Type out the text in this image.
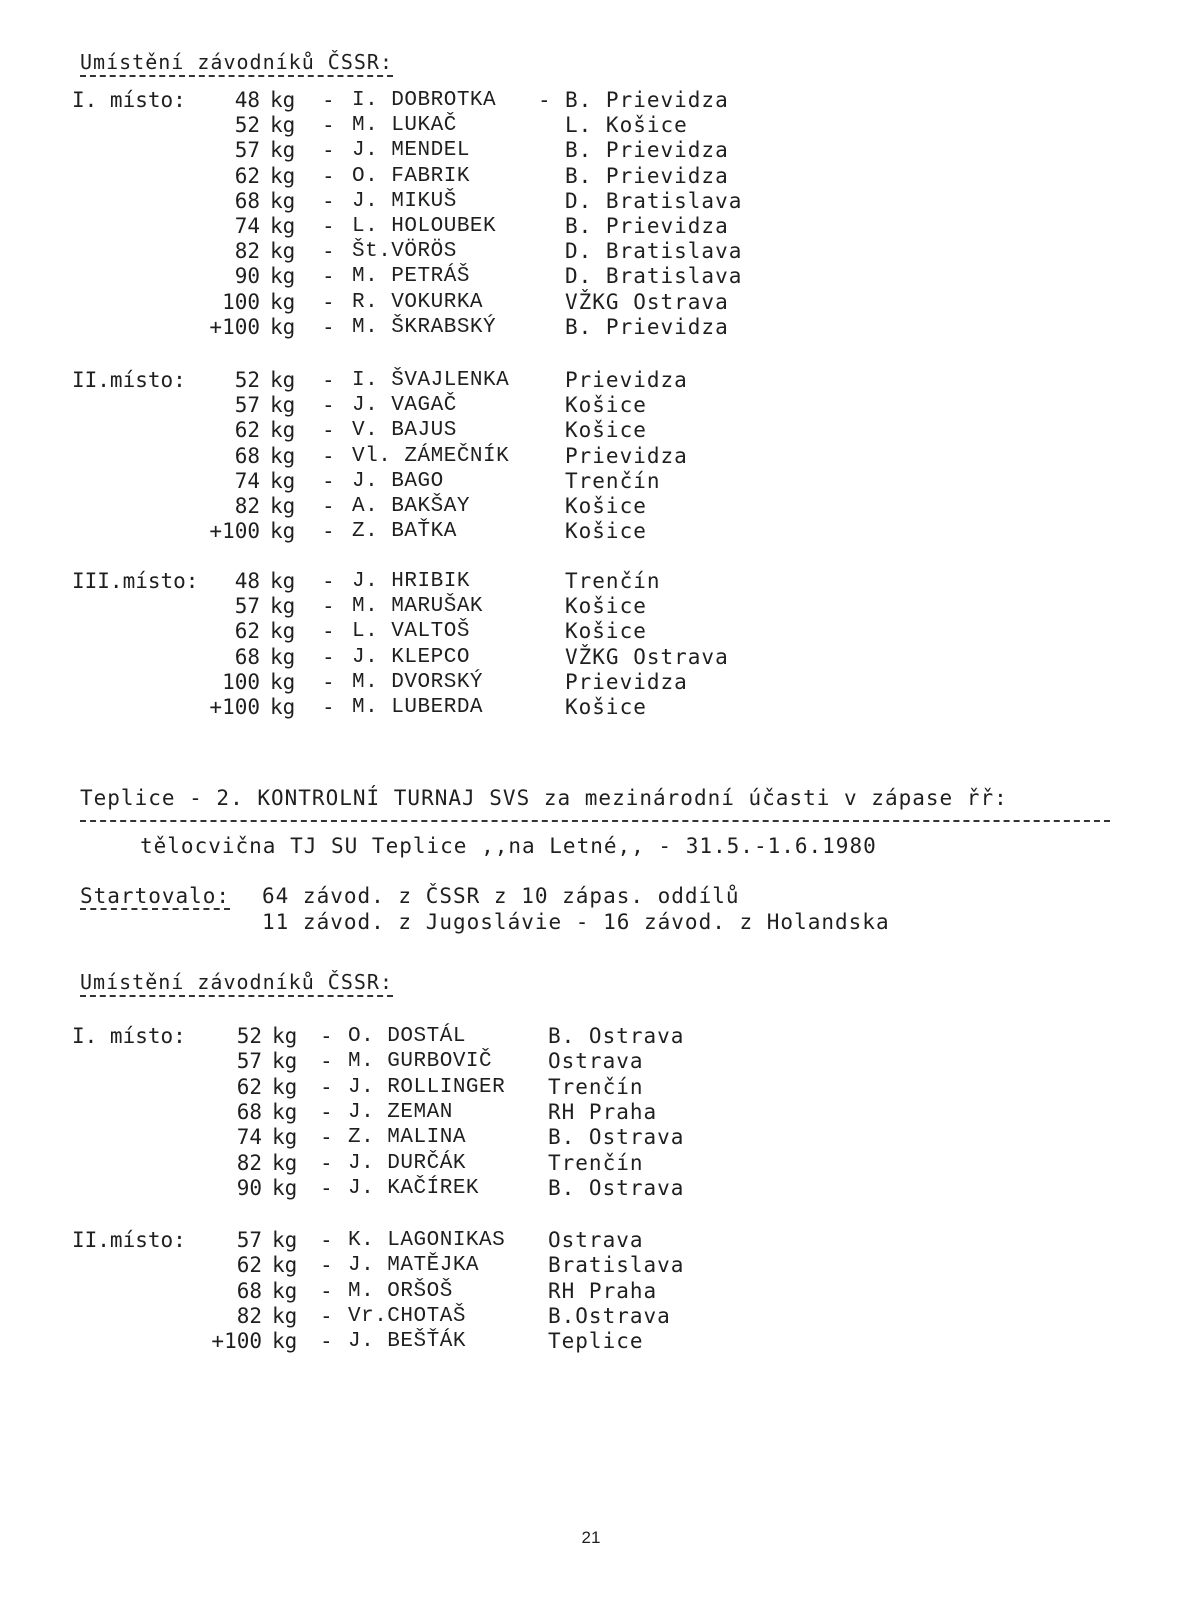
Umístění závodníků ČSSR:
I. místo: 48 kg - I. DOBROTKA - B. Prievidza
52 kg - M. LUKAČ	L. Košice
57 kg - J. MENDEL	B. Prievidza
62 kg - O. FABRIK	B. Prievidza
68 kg - J. MIKUŠ	D. Bratislava
74 kg - L. HOLOUBEK	B. Prievidza
82 kg - Št.VÖRÖS	D. Bratislava
90 kg - M. PETRÁŠ	D. Bratislava
100 kg - R. VOKURKA	VŽKG Ostrava
+100 kg - M. ŠKRABSKÝ	B. Prievidza
II.místo: 52 kg - I. ŠVAJLENKA	Prievidza
57 kg - J. VAGAČ	Košice
62 kg - V. BAJUS	Košice
68 kg - Vl. ZÁMEČNÍK	Prievidza
74 kg - J. BAGO	Trenčín
82 kg - A. BAKŠAY	Košice
+100 kg - Z. BAŤKA	Košice
III.místo: 48 kg - J. HRIBIK	Trenčín
57 kg - M. MARUŠAK	Košice
62 kg - L. VALTOŠ	Košice
68 kg - J. KLEPCO	VŽKG Ostrava
100 kg - M. DVORSKÝ	Prievidza
+100 kg - M. LUBERDA	Košice
Teplice - 2. KONTROLNÍ TURNAJ SVS za mezinárodní účasti v zápase řř:
tělocvična TJ SU Teplice ,,na Letné,, - 31.5.-1.6.1980
Startovalo: 64 závod. z ČSSR z 10 zápas. oddílů
11 závod. z Jugoslávie - 16 závod. z Holandska
Umístění závodníků ČSSR:
I. místo: 52 kg - O. DOSTÁL	B. Ostrava
57 kg - M. GURBOVIČ	Ostrava
62 kg - J. ROLLINGER Trenčín
68 kg - J. ZEMAN	RH Praha
74 kg - Z. MALINA	B. Ostrava
82 kg - J. DURČÁK	Trenčín
90 kg - J. KAČÍREK	B. Ostrava
II.místo: 57 kg - K. LAGONIKAS Ostrava
62 kg - J. MATĚJKA	Bratislava
68 kg - M. ORŠOŠ	RH Praha
82 kg - Vr.CHOTAŠ	B.Ostrava
+100 kg - J. BEŠŤÁK	Teplice
21
